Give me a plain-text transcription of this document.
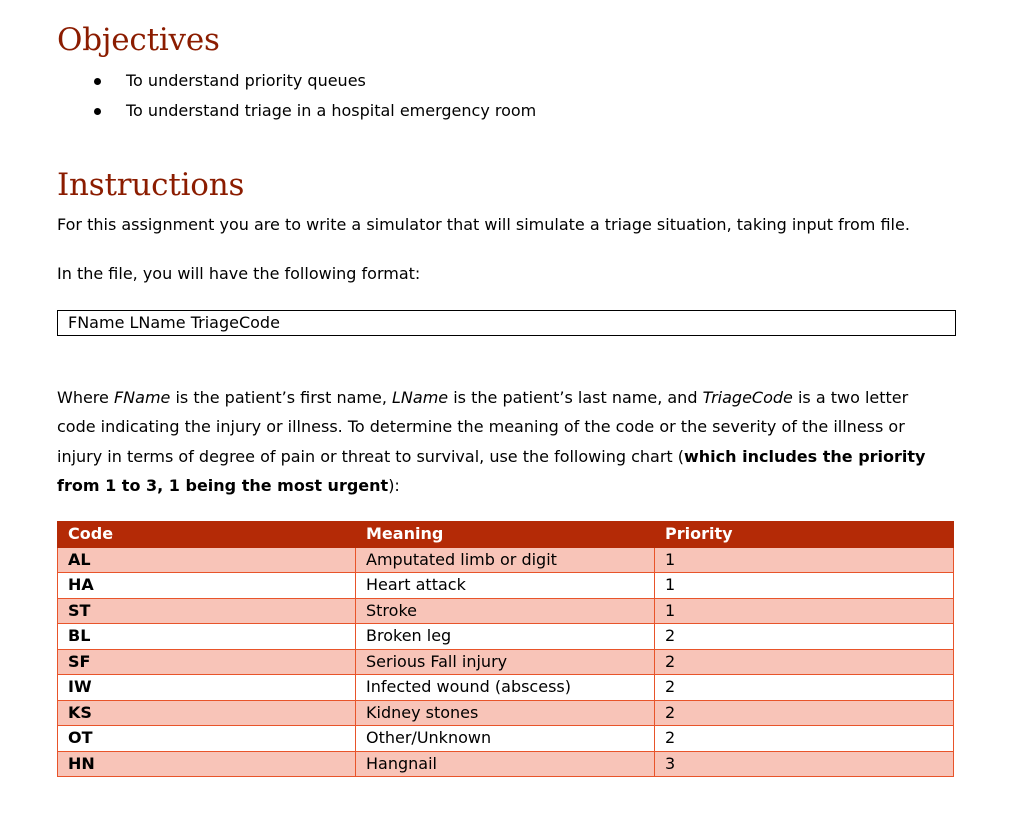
Objectives
To understand priority queues
To understand triage in a hospital emergency room
Instructions

For this assignment you are to write a simulator that will simulate a triage situation, taking input from file.

In the file, you will have the following format:

FName LName TriageCode

Where FName is the patient’s first name, LName is the patient’s last name, and TriageCode is a two letter code indicating the injury or illness. To determine the meaning of the code or the severity of the illness or injury in terms of degree of pain or threat to survival, use the following chart (which includes the priority from 1 to 3, 1 being the most urgent):

Code	Meaning	Priority
AL	Amputated limb or digit	1
HA	Heart attack	1
ST	Stroke	1
BL	Broken leg	2
SF	Serious Fall injury	2
IW	Infected wound (abscess)	2
KS	Kidney stones	2
OT	Other/Unknown	2
HN	Hangnail	3
